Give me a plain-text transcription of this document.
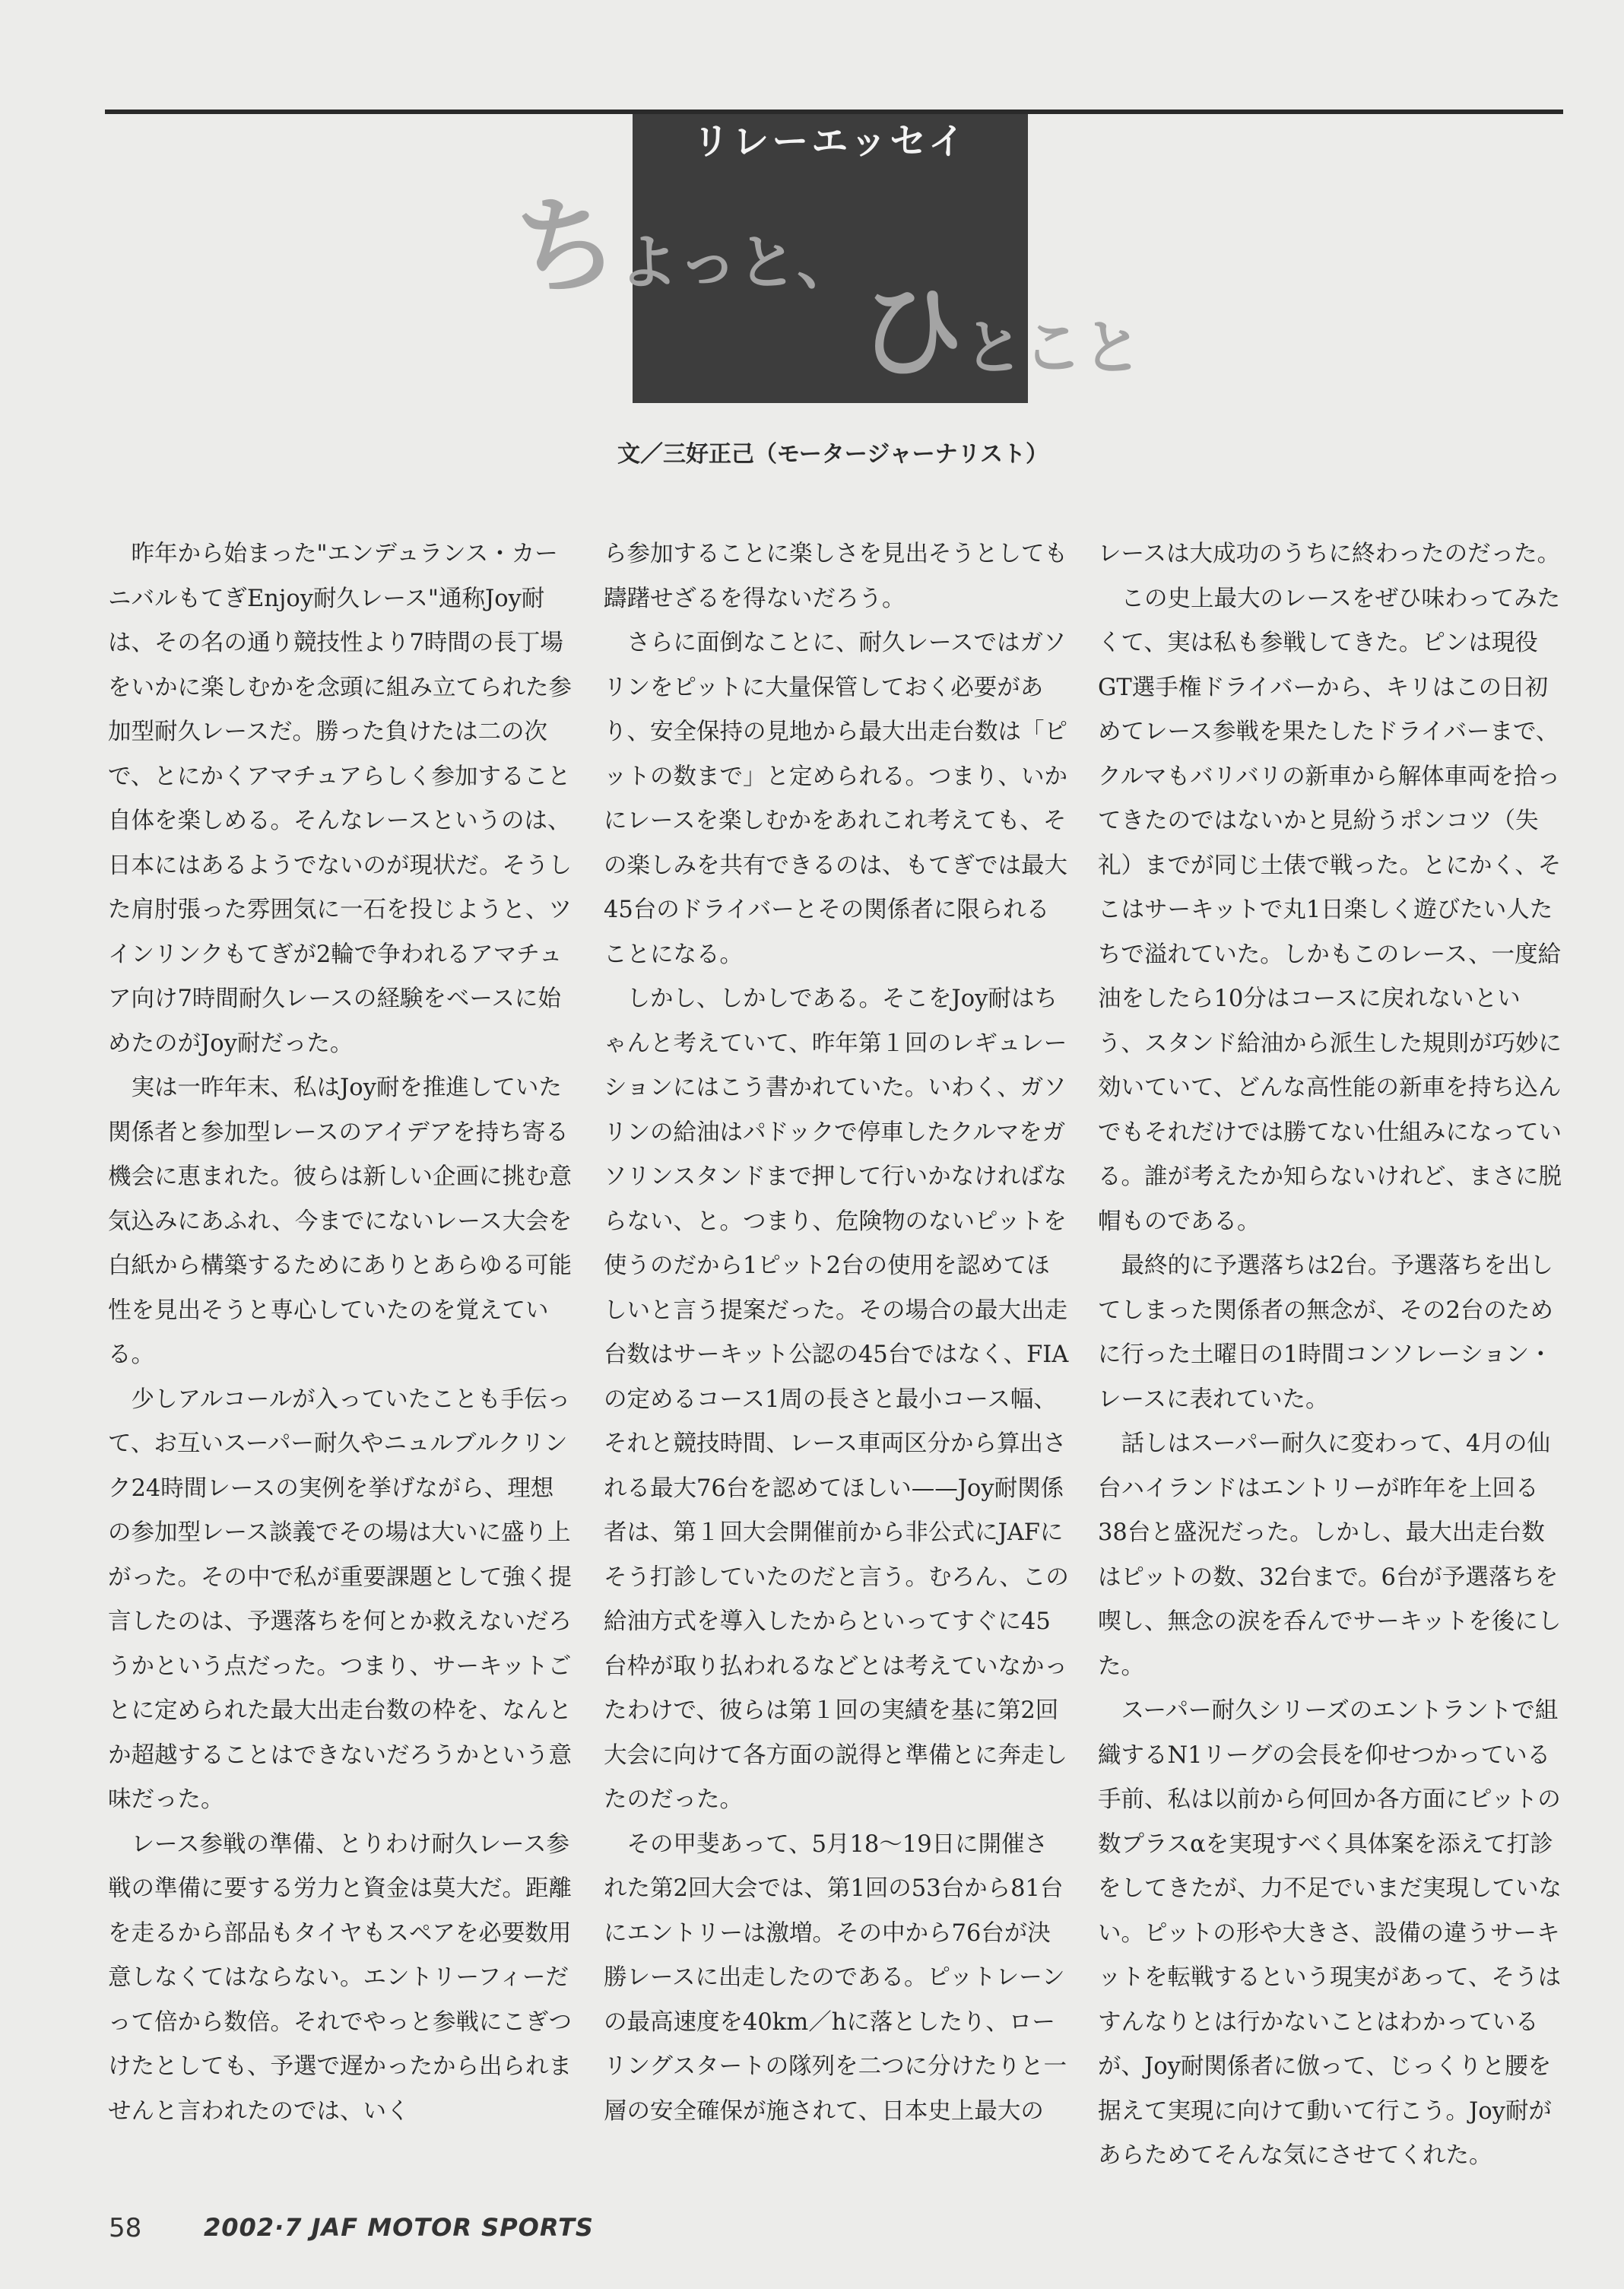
リレーエッセイ
ちよっと、
ひとこと
文／三好正己（モータージャーナリスト）

昨年から始まった"エンデュランス・カーニバルもてぎEnjoy耐久レース"通称Joy耐は、その名の通り競技性より7時間の長丁場をいかに楽しむかを念頭に組み立てられた参加型耐久レースだ。勝った負けたは二の次で、とにかくアマチュアらしく参加すること自体を楽しめる。そんなレースというのは、日本にはあるようでないのが現状だ。そうした肩肘張った雰囲気に一石を投じようと、ツインリンクもてぎが2輪で争われるアマチュア向け7時間耐久レースの経験をベースに始めたのがJoy耐だった。

実は一昨年末、私はJoy耐を推進していた関係者と参加型レースのアイデアを持ち寄る機会に恵まれた。彼らは新しい企画に挑む意気込みにあふれ、今までにないレース大会を白紙から構築するためにありとあらゆる可能性を見出そうと専心していたのを覚えている。

少しアルコールが入っていたことも手伝って、お互いスーパー耐久やニュルブルクリンク24時間レースの実例を挙げながら、理想の参加型レース談義でその場は大いに盛り上がった。その中で私が重要課題として強く提言したのは、予選落ちを何とか救えないだろうかという点だった。つまり、サーキットごとに定められた最大出走台数の枠を、なんとか超越することはできないだろうかという意味だった。

レース参戦の準備、とりわけ耐久レース参戦の準備に要する労力と資金は莫大だ。距離を走るから部品もタイヤもスペアを必要数用意しなくてはならない。エントリーフィーだって倍から数倍。それでやっと参戦にこぎつけたとしても、予選で遅かったから出られませんと言われたのでは、いく

ら参加することに楽しさを見出そうとしても躊躇せざるを得ないだろう。

さらに面倒なことに、耐久レースではガソリンをピットに大量保管しておく必要があり、安全保持の見地から最大出走台数は「ピットの数まで」と定められる。つまり、いかにレースを楽しむかをあれこれ考えても、その楽しみを共有できるのは、もてぎでは最大45台のドライバーとその関係者に限られることになる。

しかし、しかしである。そこをJoy耐はちゃんと考えていて、昨年第１回のレギュレーションにはこう書かれていた。いわく、ガソリンの給油はパドックで停車したクルマをガソリンスタンドまで押して行いかなければならない、と。つまり、危険物のないピットを使うのだから1ピット2台の使用を認めてほしいと言う提案だった。その場合の最大出走台数はサーキット公認の45台ではなく、FIAの定めるコース1周の長さと最小コース幅、それと競技時間、レース車両区分から算出される最大76台を認めてほしい——Joy耐関係者は、第１回大会開催前から非公式にJAFにそう打診していたのだと言う。むろん、この給油方式を導入したからといってすぐに45台枠が取り払われるなどとは考えていなかったわけで、彼らは第１回の実績を基に第2回大会に向けて各方面の説得と準備とに奔走したのだった。

その甲斐あって、5月18〜19日に開催された第2回大会では、第1回の53台から81台にエントリーは激増。その中から76台が決勝レースに出走したのである。ピットレーンの最高速度を40km／hに落としたり、ローリングスタートの隊列を二つに分けたりと一層の安全確保が施されて、日本史上最大の

レースは大成功のうちに終わったのだった。

この史上最大のレースをぜひ味わってみたくて、実は私も参戦してきた。ピンは現役GT選手権ドライバーから、キリはこの日初めてレース参戦を果たしたドライバーまで、クルマもバリバリの新車から解体車両を拾ってきたのではないかと見紛うポンコツ（失礼）までが同じ土俵で戦った。とにかく、そこはサーキットで丸1日楽しく遊びたい人たちで溢れていた。しかもこのレース、一度給油をしたら10分はコースに戻れないという、スタンド給油から派生した規則が巧妙に効いていて、どんな高性能の新車を持ち込んでもそれだけでは勝てない仕組みになっている。誰が考えたか知らないけれど、まさに脱帽ものである。

最終的に予選落ちは2台。予選落ちを出してしまった関係者の無念が、その2台のために行った土曜日の1時間コンソレーション・レースに表れていた。

話しはスーパー耐久に変わって、4月の仙台ハイランドはエントリーが昨年を上回る38台と盛況だった。しかし、最大出走台数はピットの数、32台まで。6台が予選落ちを喫し、無念の涙を呑んでサーキットを後にした。

スーパー耐久シリーズのエントラントで組織するN1リーグの会長を仰せつかっている手前、私は以前から何回か各方面にピットの数プラスαを実現すべく具体案を添えて打診をしてきたが、力不足でいまだ実現していない。ピットの形や大きさ、設備の違うサーキットを転戦するという現実があって、そうはすんなりとは行かないことはわかっているが、Joy耐関係者に倣って、じっくりと腰を据えて実現に向けて動いて行こう。Joy耐があらためてそんな気にさせてくれた。

58	2002·7 JAF MOTOR SPORTS
